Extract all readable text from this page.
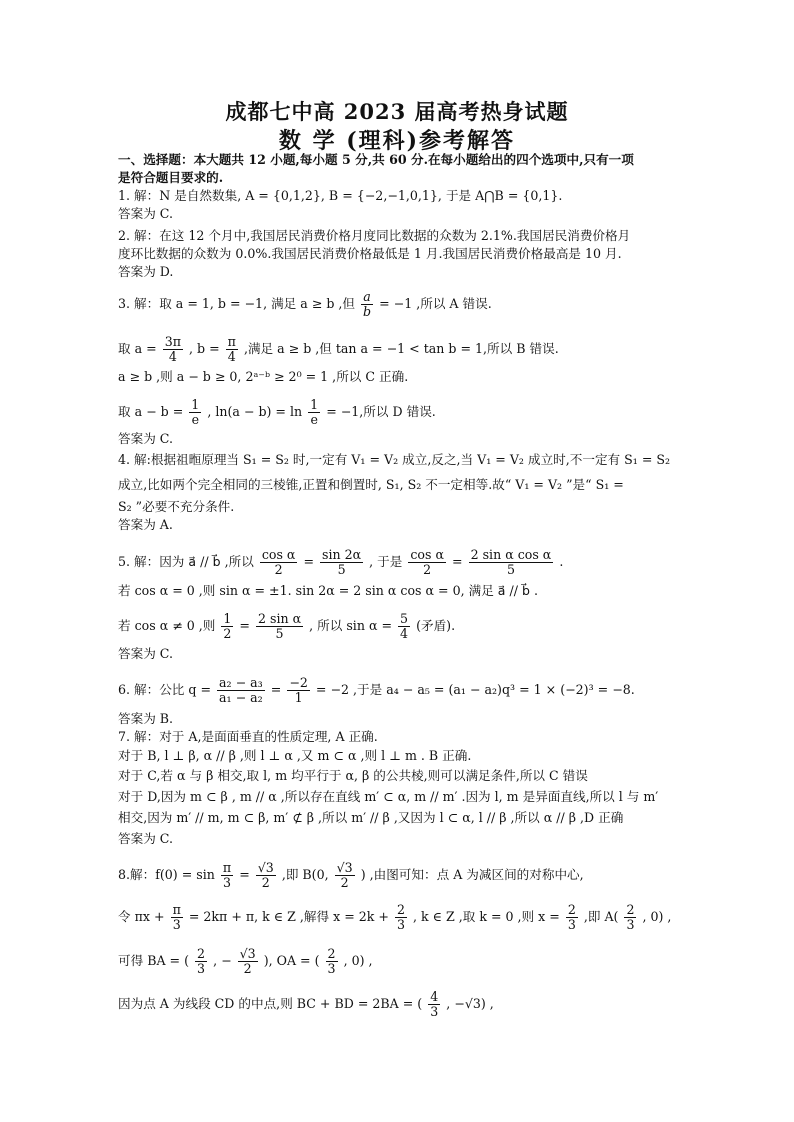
成都七中高 2023 届高考热身试题
数 学 (理科)参考解答
一、选择题：本大题共 12 小题,每小题 5 分,共 60 分.在每小题给出的四个选项中,只有一项
是符合题目要求的.
1. 解：N 是自然数集, A = {0,1,2}, B = {−2,−1,0,1}, 于是 A⋂B = {0,1}.
答案为 C.
2. 解：在这 12 个月中,我国居民消费价格月度同比数据的众数为 2.1%.我国居民消费价格月
度环比数据的众数为 0.0%.我国居民消费价格最低是 1 月.我国居民消费价格最高是 10 月.
答案为 D.
3. 解：取 a = 1, b = −1, 满足 a ≥ b ,但 $\frac{a}{b} = -1$ ,所以 A 错误.
取 $a = \frac{3\pi}{4}$ , $b = \frac{\pi}{4}$ ,满足 a ≥ b ,但 tan a = −1 < tan b = 1,所以 B 错误.
a ≥ b ,则 a − b ≥ 0, 2ᵃ⁻ᵇ ≥ 2⁰ = 1 ,所以 C 正确.
取 $a - b = \frac{1}{e}$ , $\ln(a - b) = \ln \frac{1}{e} = -1$,所以 D 错误.
答案为 C.
4. 解:根据祖暅原理当 S₁ = S₂ 时,一定有 V₁ = V₂ 成立,反之,当 V₁ = V₂ 成立时,不一定有 S₁ = S₂
成立,比如两个完全相同的三棱锥,正置和倒置时, S₁, S₂ 不一定相等.故“ V₁ = V₂ ”是“ S₁ =
S₂ ”必要不充分条件.
答案为 A.
5. 解：因为 a⃗ // b⃗ ,所以 $\frac{\text{cos α}}{2} = \frac{\sin 2\alpha}{5}$ , 于是 $\frac{\text{cos α}}{2} = \frac{\text{2 sin α cos α}}{5}$ .
若 cos α = 0 ,则 sin α = ±1. sin 2α = 2 sin α cos α = 0, 满足 a⃗ // b⃗ .
若 cos α ≠ 0 ,则 $\frac{1}{2} = \frac{\text{2 sin α}}{5}$ , 所以 $\sin \alpha = \frac{5}{4}$ (矛盾).
答案为 C.
6. 解：公比 $q = \frac{\text{a₂ − a₃}}{\text{a₁ − a₂}} = \frac{-2}{1} = -2$ ,于是 a₄ − a₅ = (a₁ − a₂)q³ = 1 × (−2)³ = −8.
答案为 B.
7. 解：对于 A,是面面垂直的性质定理, A 正确.
对于 B, l ⊥ β, α // β ,则 l ⊥ α ,又 m ⊂ α ,则 l ⊥ m . B 正确.
对于 C,若 α 与 β 相交,取 l, m 均平行于 α, β 的公共棱,则可以满足条件,所以 C 错误
对于 D,因为 m ⊂ β , m // α ,所以存在直线 m′ ⊂ α, m // m′ .因为 l, m 是异面直线,所以 l 与 m′
相交,因为 m′ // m, m ⊂ β, m′ ⊄ β ,所以 m′ // β ,又因为 l ⊂ α, l // β ,所以 α // β ,D 正确
答案为 C.
8.解：$f(0) = \sin \frac{\pi}{3} = \frac{√3}{2}$ ,即 B(0, $\frac{√3}{2}$ ) ,由图可知：点 A 为减区间的对称中心,
令 $\pi x + \frac{\pi}{3} = 2k\pi + \pi$, k ∈ Z ,解得 $x = 2k + \frac{2}{3}$ , k ∈ Z ,取 k = 0 ,则 $x = \frac{2}{3}$ ,即 $A( \frac{2}{3}$ , 0) ,
可得 BA = ( $\frac{2}{3}$ , − $\frac{√3}{2}$ ), OA = ( $\frac{2}{3}$ , 0) ,
因为点 A 为线段 CD 的中点,则 BC + BD = 2BA = ( $\frac{4}{3}$ , −√3) ,
